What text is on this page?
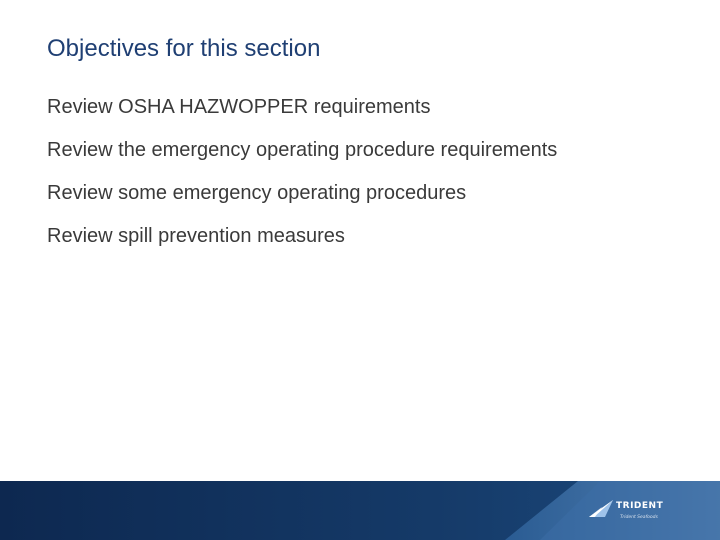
Objectives for this section
Review OSHA HAZWOPPER requirements
Review the emergency operating procedure requirements
Review some emergency operating procedures
Review spill prevention measures
TRIDENT
Trident Seafoods
